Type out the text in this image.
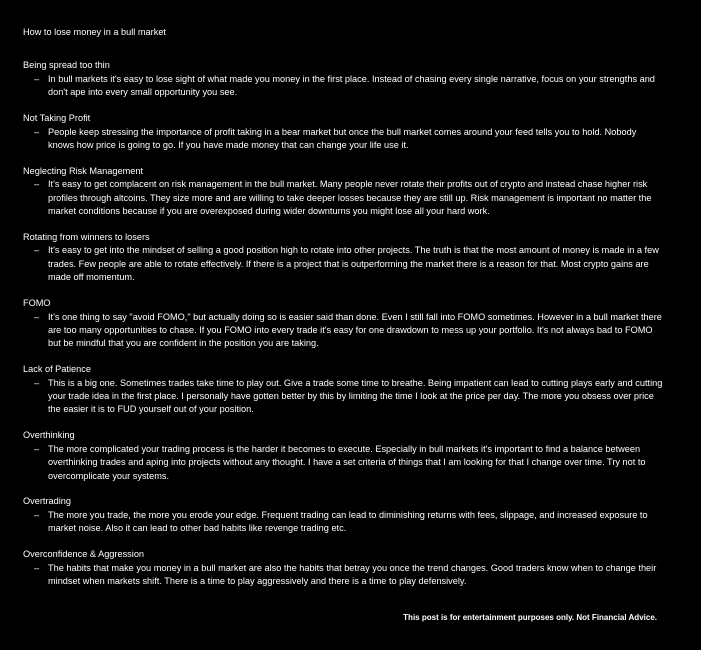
How to lose money in a bull market
Being spread too thin
– In bull markets it's easy to lose sight of what made you money in the first place. Instead of chasing every single narrative, focus on your strengths and don't ape into every small opportunity you see.
Not Taking Profit
– People keep stressing the importance of profit taking in a bear market but once the bull market comes around your feed tells you to hold. Nobody knows how price is going to go. If you have made money that can change your life use it.
Neglecting Risk Management
– It's easy to get complacent on risk management in the bull market. Many people never rotate their profits out of crypto and instead chase higher risk profiles through altcoins. They size more and are willing to take deeper losses because they are still up. Risk management is important no matter the market conditions because if you are overexposed during wider downturns you might lose all your hard work.
Rotating from winners to losers
– It's easy to get into the mindset of selling a good position high to rotate into other projects. The truth is that the most amount of money is made in a few trades. Few people are able to rotate effectively. If there is a project that is outperforming the market there is a reason for that. Most crypto gains are made off momentum.
FOMO
– It's one thing to say "avoid FOMO," but actually doing so is easier said than done. Even I still fall into FOMO sometimes. However in a bull market there are too many opportunities to chase. If you FOMO into every trade it's easy for one drawdown to mess up your portfolio. It's not always bad to FOMO but be mindful that you are confident in the position you are taking.
Lack of Patience
– This is a big one. Sometimes trades take time to play out. Give a trade some time to breathe. Being impatient can lead to cutting plays early and cutting your trade idea in the first place. I personally have gotten better by this by limiting the time I look at the price per day. The more you obsess over price the easier it is to FUD yourself out of your position.
Overthinking
– The more complicated your trading process is the harder it becomes to execute. Especially in bull markets it's important to find a balance between overthinking trades and aping into projects without any thought. I have a set criteria of things that I am looking for that I change over time. Try not to overcomplicate your systems.
Overtrading
– The more you trade, the more you erode your edge. Frequent trading can lead to diminishing returns with fees, slippage, and increased exposure to market noise. Also it can lead to other bad habits like revenge trading etc.
Overconfidence & Aggression
– The habits that make you money in a bull market are also the habits that betray you once the trend changes. Good traders know when to change their mindset when markets shift. There is a time to play aggressively and there is a time to play defensively.
This post is for entertainment purposes only. Not Financial Advice.
